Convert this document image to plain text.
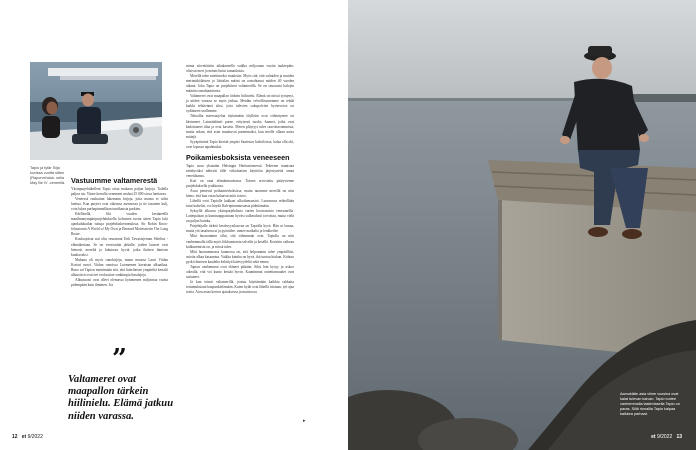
Tapio ja tytär Silja kuvissa vuotta sitten (Raporvehduk- sella May Be IV -veneellä. Vastuumme valtamerestä

Yksinpurjehtikelleni Tapio ottaa mukaan paljon kirjoja. Todella paljon nis. Viime kerralla venemeni mulmi 25 000 sivua luettavaa.

Veneessä ruuhuitun lukemaan kirjoja, jotta munsa ei tulisi luettua. Kun purjeet ovat oikeassa asennossa ja tie tasainen kulj, voin lukea purhapimmillaan tuntikausia purkien.

Edellisellä, liki vuoden kestäneellä maailmanympäripurjehduksella kolmisen tuotta sitten Tapio luki ajankulukuilan tuttuja purjehduskertomuksia, Sir Robin Knox-Johnstonin A World of My Own ja Bernard Moitessierin The Long Route.

Kouluajoista asti olin seurannut Erik Tawastsjernan Sibelius -elämäkertaan. Se on viestissään järkälle, joiden lauseet ovat hienosti mereltä ja lukutusta hyviä, jotka ikäisen ihmisen kuultavaksi.

Mukana oli myös runokirjoja, muun muassa Lauri Viidan Kootut runot. Viidan runoissa Luomemen kavaisan alkuaikaa. Runo sai Tapion miettimään sitä, että luterilaisen ympäriltä kertalit alhatoissit ovat tiet evoluution vanhimpia limalajeja.

Alkunuozit ovat olleet olemassa kymmenen miljoonaa vuotta pidempään kuin ihminen. Jos

”
Valtameret ovat maapallon tärkein hiilinielu. Elämä jatkuu niiden varassa.

minut siirrettäisiin aikakoneella vaikka miljoonan vuotta taaksepäin, olisivat meri ja männi lintut samanlaisia.

Merellä talee miettimeksi muuksiin. Myös sitä, että valtaiden ja muiden merimäköläisten ja liittoilan määrä on romahtanut miiden 40 vuoden aikana. Joka Tapio on purjehtinut valtamerillä. Se on seurausta kalojen määrän romahtamisesta.

Valtameret ovat maapallon tärkein hiilinielu. Elämä on niissä syntynyt, ja niiden varassa se myös jatkuu. Meidän velvollisuutemme on tehdä kaikki tehtävämä siksi, jotta tulevien sukupolvien hyvinvoiva on sydämeen seallemme.

Tekoallia meresuojelua täyttämään tilyllätin ovat vähentyneet tai hävinneet. Lainsäädäntö puree, erityisesti turska -kannot, jotka ovat kadottaneet tilaa ja ovat kasviin. Meren pläytyyt tulee raavottavammista, mutta uskon, että asiat muuttuvat paremmaksi, kun meille ollaan uusia mittejä.

Syyäpäivänä Tapio kiertää ympäri Saariston kahviloissa, kalaa olla ohi, ovat lopussa tapahtuuksi.

Poikamiesboksista veneeseen

Tapio asuu yksinään Helsingin Herttoniemessä. Tekeeme tunnistaa niinhyväksi näkevät tälle viikoittaisen käyttöön järjestynettä omaa venetilaansa.

Koti on oma elämänmuotonsa. Toinen arvostettu päätyvtenne purjehduksella joukkonsa.

Asuu pienessä poikamiesboksissa, mutta nuomme merellä on niin hieno, että kun ostaa haluavat mitä toivoo.

Lähellä ovat Tapiolle kakkaat ulkoilumaastot. Luonnossa retkeillään tutut kahvilat, voi käydä Kalvepinunnostasta pidettämään.

Syksyllä alkavaa yksinpurjehdusta varten koostamista venesaarilla. Latteipalaan ja kumisaappaistaan hyväsi sulkeudusti toivottaa, mutta vielä on paljon kuinka.

Purjehtijalle tärkeä kestävyysikasvaa on Tapiolla hyvä. Hän ui lomaa, mutta yöt tasaisena ui ja pyöräilee, tuntee matkalta ja lenkkeilee.

Mitä huonommin ollut, sitä vähemmän ovat. Tapiolla on niin vanhemmalla iällä myös liikkumisesta talvella ja kesällä. Kesäisin vaikeaa kulkunemista on, ja niissä tulee.

Mitä huonommassa kunnossa on, sitä helpommin tulee ympärilläsi, asioita alkaa kasaantua. Vaikka kuinka on hyvä, ikä tuntuu hiukan. Kohtuu pyrkii ihmisen kaudelta kehittyä kätevyydeltä sekä ennen.

Tapion vanhemmat ovat eläneet pitkään. Siksi hän kysyy ja uskoo oikealla, että voi kunto kestää hyvin. Kaunimmat onnettomuudet ovat sattuneet.

Ja kun toimii valtamerillä, joutuu käyttämään kaikkia rakkaita tottumuksiaan kaupunkielämään. Kuten kylät ovat lähellä toisiaan, työ ajaa toisia. Aion asiaa kerron ajatuksessa ja muistossa.

▸
12 et 9/2022
Aamukään asia viime vuosina ovat kalat tulevan kalvan. Tapio tuntee vanhemmalla lastenlasella Tapio on paras. Sillä rinnallla Tapio kaipaa kaikkea parhaat.
et 9/2022 13
